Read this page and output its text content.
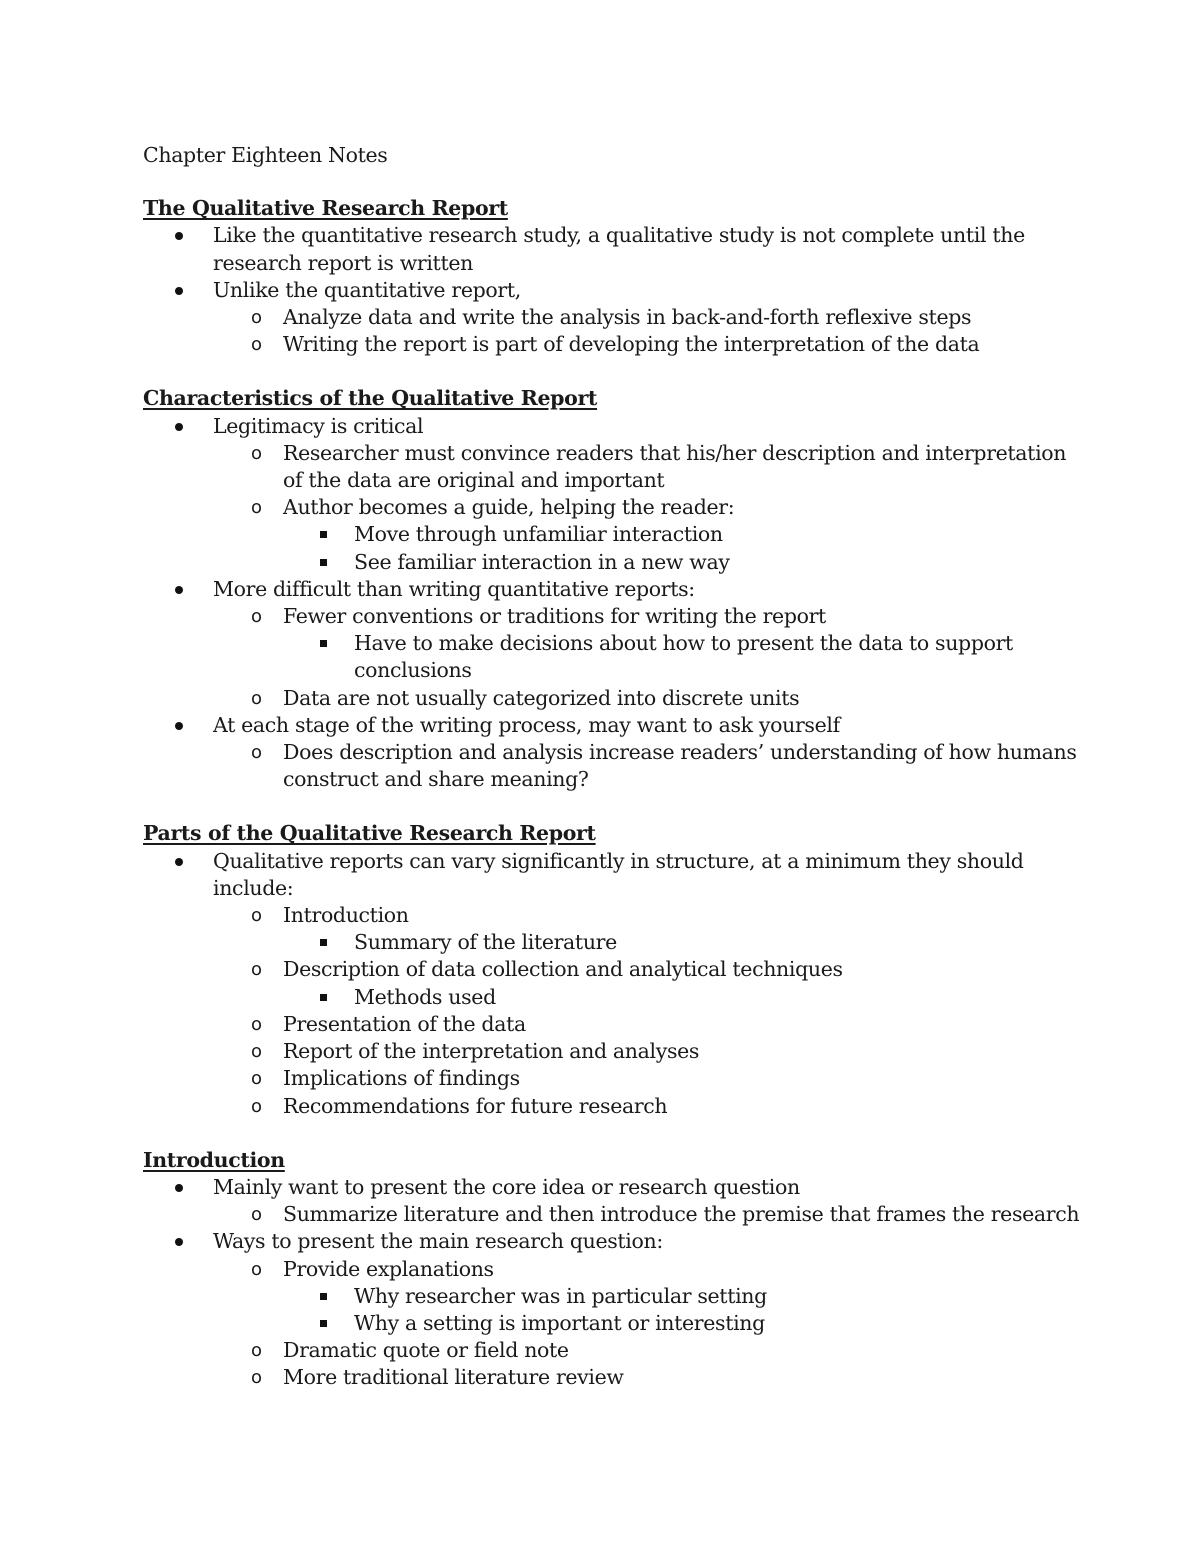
Chapter Eighteen Notes
The Qualitative Research Report
Like the quantitative research study, a qualitative study is not complete until the research report is written
Unlike the quantitative report,
o Analyze data and write the analysis in back-and-forth reflexive steps
o Writing the report is part of developing the interpretation of the data
Characteristics of the Qualitative Report
Legitimacy is critical
o Researcher must convince readers that his/her description and interpretation of the data are original and important
o Author becomes a guide, helping the reader:
Move through unfamiliar interaction
See familiar interaction in a new way
More difficult than writing quantitative reports:
o Fewer conventions or traditions for writing the report
Have to make decisions about how to present the data to support conclusions
o Data are not usually categorized into discrete units
At each stage of the writing process, may want to ask yourself
o Does description and analysis increase readers’ understanding of how humans construct and share meaning?
Parts of the Qualitative Research Report
Qualitative reports can vary significantly in structure, at a minimum they should include:
o Introduction
Summary of the literature
o Description of data collection and analytical techniques
Methods used
o Presentation of the data
o Report of the interpretation and analyses
o Implications of findings
o Recommendations for future research
Introduction
Mainly want to present the core idea or research question
o Summarize literature and then introduce the premise that frames the research
Ways to present the main research question:
o Provide explanations
Why researcher was in particular setting
Why a setting is important or interesting
o Dramatic quote or field note
o More traditional literature review
